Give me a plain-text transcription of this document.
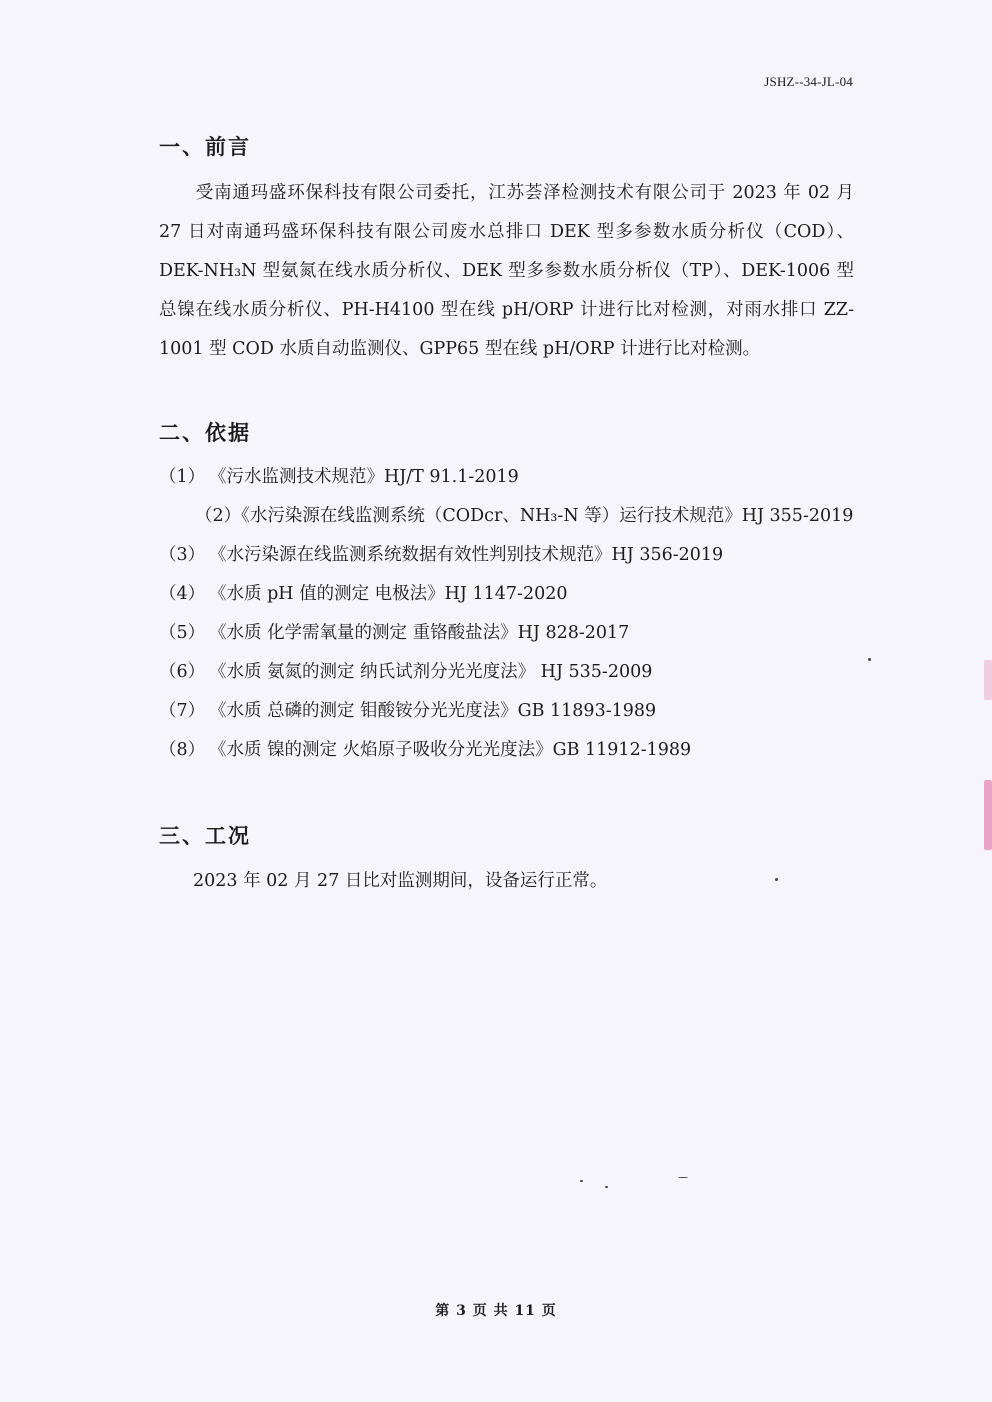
JSHZ--34-JL-04
一、前言
受南通玛盛环保科技有限公司委托，江苏荟泽检测技术有限公司于 2023 年 02 月 27 日对南通玛盛环保科技有限公司废水总排口 DEK 型多参数水质分析仪（COD）、DEK-NH₃N 型氨氮在线水质分析仪、DEK 型多参数水质分析仪（TP）、DEK-1006 型总镍在线水质分析仪、PH-H4100 型在线 pH/ORP 计进行比对检测，对雨水排口 ZZ-1001 型 COD 水质自动监测仪、GPP65 型在线 pH/ORP 计进行比对检测。
二、依据
（1） 《污水监测技术规范》HJ/T 91.1-2019
（2）《水污染源在线监测系统（CODcr、NH₃-N 等）运行技术规范》HJ 355-2019
（3） 《水污染源在线监测系统数据有效性判别技术规范》HJ 356-2019
（4） 《水质 pH 值的测定 电极法》HJ 1147-2020
（5） 《水质 化学需氧量的测定 重铬酸盐法》HJ 828-2017
（6） 《水质 氨氮的测定 纳氏试剂分光光度法》 HJ 535-2009
（7） 《水质 总磷的测定 钼酸铵分光光度法》GB 11893-1989
（8） 《水质 镍的测定 火焰原子吸收分光光度法》GB 11912-1989
三、工况
2023 年 02 月 27 日比对监测期间，设备运行正常。
第 3 页 共 11 页
